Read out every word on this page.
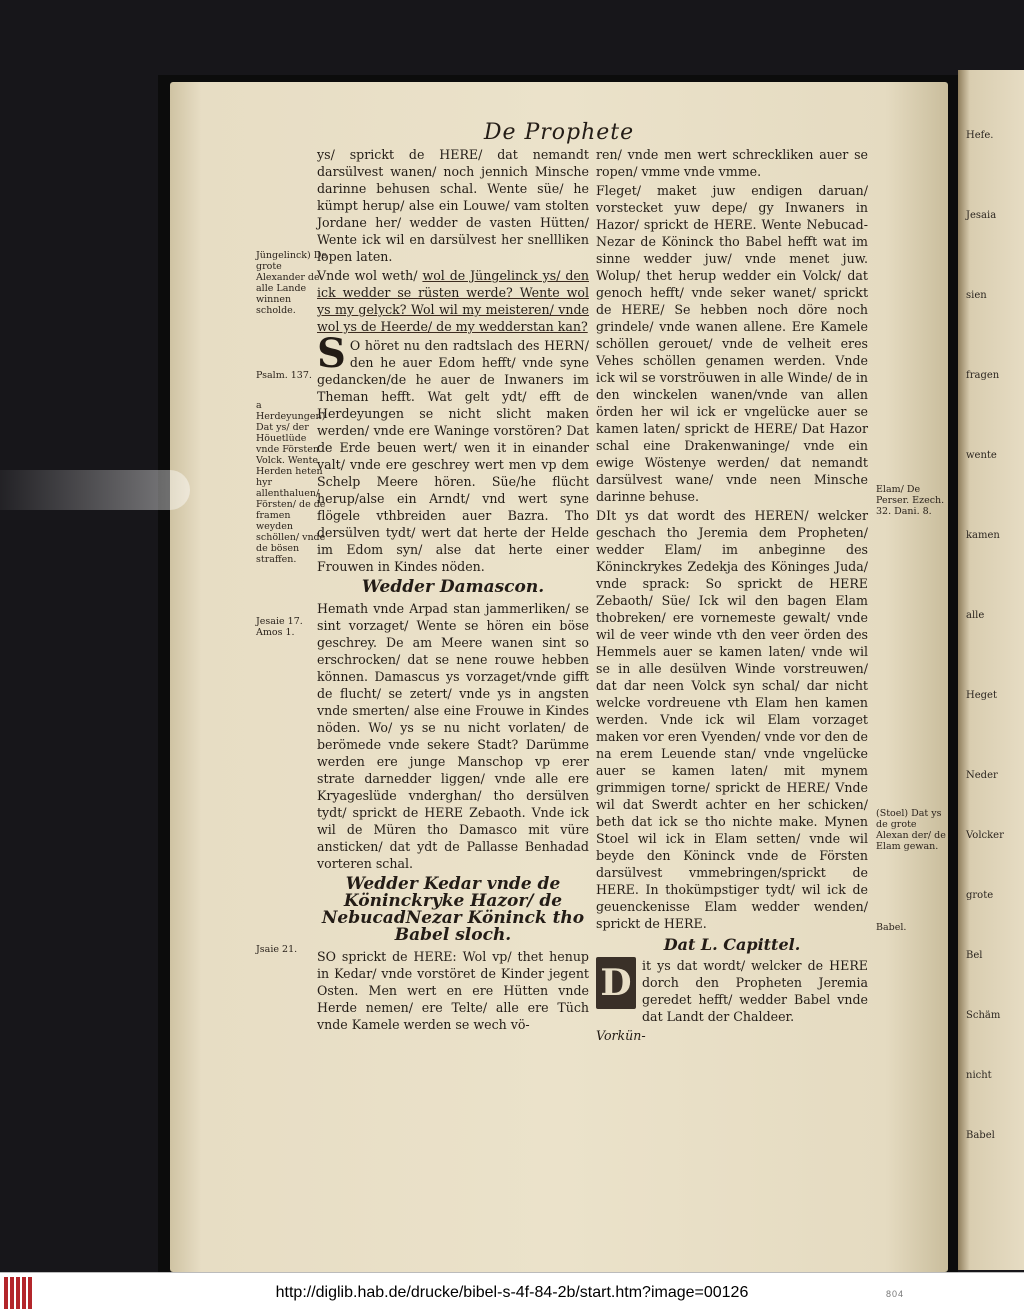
De Prophete

ys/ sprickt de HERE/ dat nemandt darsülvest wanen/ noch jennich Minsche darinne behusen schal. Wente süe/ he kümpt herup/ alse ein Louwe/ vam stolten Jordane her/ wedder de vasten Hütten/ Wente ick wil en darsülvest her snellliken lopen laten.

Vnde wol weth/ wol de Jüngelinck ys/ den ick wedder se rüsten werde? Wente wol ys my gelyck? Wol wil my meisteren/ vnde wol ys de Heerde/ de my wedderstan kan?

S O höret nu den radtslach des HERN/ den he auer Edom hefft/ vnde syne gedancken/de he auer de Inwaners im Theman hefft. Wat gelt ydt/ efft de Herdeyungen se nicht slicht maken werden/ vnde ere Waninge vorstören? Dat de Erde beuen wert/ wen it in einander valt/ vnde ere geschrey wert men vp dem Schelp Meere hören. Süe/he flücht herup/alse ein Arndt/ vnd wert syne flögele vthbreiden auer Bazra. Tho dersülven tydt/ wert dat herte der Helde im Edom syn/ alse dat herte einer Frouwen in Kindes nöden.

Wedder Damascon.

Hemath vnde Arpad stan jammerliken/ se sint vorzaget/ Wente se hören ein böse geschrey. De am Meere wanen sint so erschrocken/ dat se nene rouwe hebben können. Damascus ys vorzaget/vnde gifft de flucht/ se zetert/ vnde ys in angsten vnde smerten/ alse eine Frouwe in Kindes nöden. Wo/ ys se nu nicht vorlaten/ de berömede vnde sekere Stadt? Darümme werden ere junge Manschop vp erer strate darnedder liggen/ vnde alle ere Kryageslüde vnderghan/ tho dersülven tydt/ sprickt de HERE Zebaoth. Vnde ick wil de Müren tho Damasco mit vüre ansticken/ dat ydt de Pallasse Benhadad vorteren schal.

Wedder Kedar vnde de Köninckryke Hazor/ de NebucadNezar Köninck tho Babel sloch.

SO sprickt de HERE: Wol vp/ thet henup in Kedar/ vnde vorstöret de Kinder jegent Osten. Men wert en ere Hütten vnde Herde nemen/ ere Telte/ alle ere Tüch vnde Kamele werden se wech vö-

ren/ vnde men wert schreckliken auer se ropen/ vmme vnde vmme.

Fleget/ maket juw endigen daruan/ vorstecket yuw depe/ gy Inwaners in Hazor/ sprickt de HERE. Wente Nebucad-Nezar de Köninck tho Babel hefft wat im sinne wedder juw/ vnde menet juw. Wolup/ thet herup wedder ein Volck/ dat genoch hefft/ vnde seker wanet/ sprickt de HERE/ Se hebben noch döre noch grindele/ vnde wanen allene. Ere Kamele schöllen gerouet/ vnde de velheit eres Vehes schöllen genamen werden. Vnde ick wil se vorströuwen in alle Winde/ de in den winckelen wanen/vnde van allen örden her wil ick er vngelücke auer se kamen laten/ sprickt de HERE/ Dat Hazor schal eine Drakenwaninge/ vnde ein ewige Wöstenye werden/ dat nemandt darsülvest wane/ vnde neen Minsche darinne behuse.

DIt ys dat wordt des HEREN/ welcker geschach tho Jeremia dem Propheten/ wedder Elam/ im anbeginne des Köninckrykes Zedekja des Köninges Juda/ vnde sprack: So sprickt de HERE Zebaoth/ Süe/ Ick wil den bagen Elam thobreken/ ere vornemeste gewalt/ vnde wil de veer winde vth den veer örden des Hemmels auer se kamen laten/ vnde wil se in alle desülven Winde vorstreuwen/ dat dar neen Volck syn schal/ dar nicht welcke vordreuene vth Elam hen kamen werden. Vnde ick wil Elam vorzaget maken vor eren Vyenden/ vnde vor den de na erem Leuende stan/ vnde vngelücke auer se kamen laten/ mit mynem grimmigen torne/ sprickt de HERE/ Vnde wil dat Swerdt achter en her schicken/ beth dat ick se tho nichte make. Mynen Stoel wil ick in Elam setten/ vnde wil beyde den Köninck vnde de Försten darsülvest vmmebringen/sprickt de HERE. In thokümpstiger tydt/ wil ick de geuenckenisse Elam wedder wenden/ sprickt de HERE.

Dat L. Capittel.

D it ys dat wordt/ welcker de HERE dorch den Propheten Jeremia geredet hefft/ wedder Babel vnde dat Landt der Chaldeer.

Vorkün-

Jüngelinck) De grote Alexander de alle Lande winnen scholde.
Psalm. 137.
a Herdeyungen) Dat ys/ der Höuetlüde vnde Försten Volck. Wente Herden heten hyr allenthaluen/ Försten/ de de framen weyden schöllen/ vnde de bösen straffen.
Jesaie 17. Amos 1.
Jsaie 21.
Elam/ De Perser. Ezech. 32. Dani. 8.
(Stoel) Dat ys de grote Alexan der/ de Elam gewan.
Babel.
Hefe.
Jesaia
sien
fragen
wente
kamen
alle
Heget
Neder
Volcker
grote
Bel
Schäm
nicht
Babel
http://diglib.hab.de/drucke/bibel-s-4f-84-2b/start.htm?image=00126	804
